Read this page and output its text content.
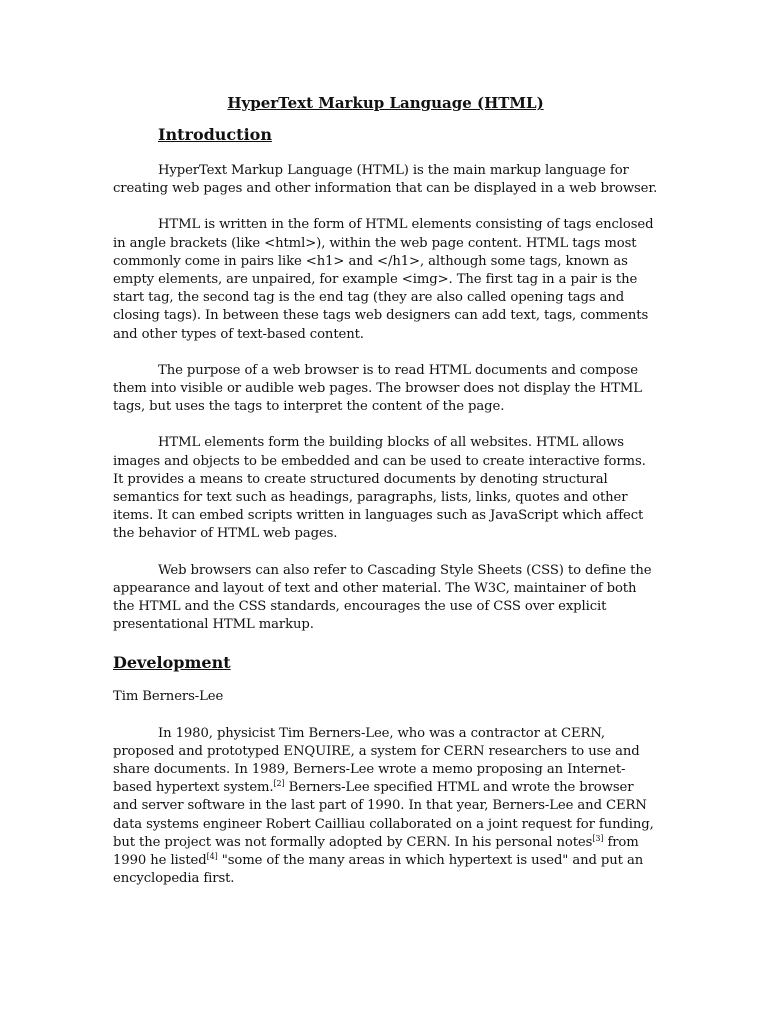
HyperText Markup Language (HTML)
Introduction

HyperText Markup Language (HTML) is the main markup language for creating web pages and other information that can be displayed in a web browser.

HTML is written in the form of HTML elements consisting of tags enclosed in angle brackets (like <html>), within the web page content. HTML tags most commonly come in pairs like <h1> and </h1>, although some tags, known as empty elements, are unpaired, for example <img>. The first tag in a pair is the start tag, the second tag is the end tag (they are also called opening tags and closing tags). In between these tags web designers can add text, tags, comments and other types of text-based content.

The purpose of a web browser is to read HTML documents and compose them into visible or audible web pages. The browser does not display the HTML tags, but uses the tags to interpret the content of the page.

HTML elements form the building blocks of all websites. HTML allows images and objects to be embedded and can be used to create interactive forms. It provides a means to create structured documents by denoting structural semantics for text such as headings, paragraphs, lists, links, quotes and other items. It can embed scripts written in languages such as JavaScript which affect the behavior of HTML web pages.

Web browsers can also refer to Cascading Style Sheets (CSS) to define the appearance and layout of text and other material. The W3C, maintainer of both the HTML and the CSS standards, encourages the use of CSS over explicit presentational HTML markup.

Development

Tim Berners-Lee

In 1980, physicist Tim Berners-Lee, who was a contractor at CERN, proposed and prototyped ENQUIRE, a system for CERN researchers to use and share documents. In 1989, Berners-Lee wrote a memo proposing an Internet-based hypertext system.[2] Berners-Lee specified HTML and wrote the browser and server software in the last part of 1990. In that year, Berners-Lee and CERN data systems engineer Robert Cailliau collaborated on a joint request for funding, but the project was not formally adopted by CERN. In his personal notes[3] from 1990 he listed[4] "some of the many areas in which hypertext is used" and put an encyclopedia first.
